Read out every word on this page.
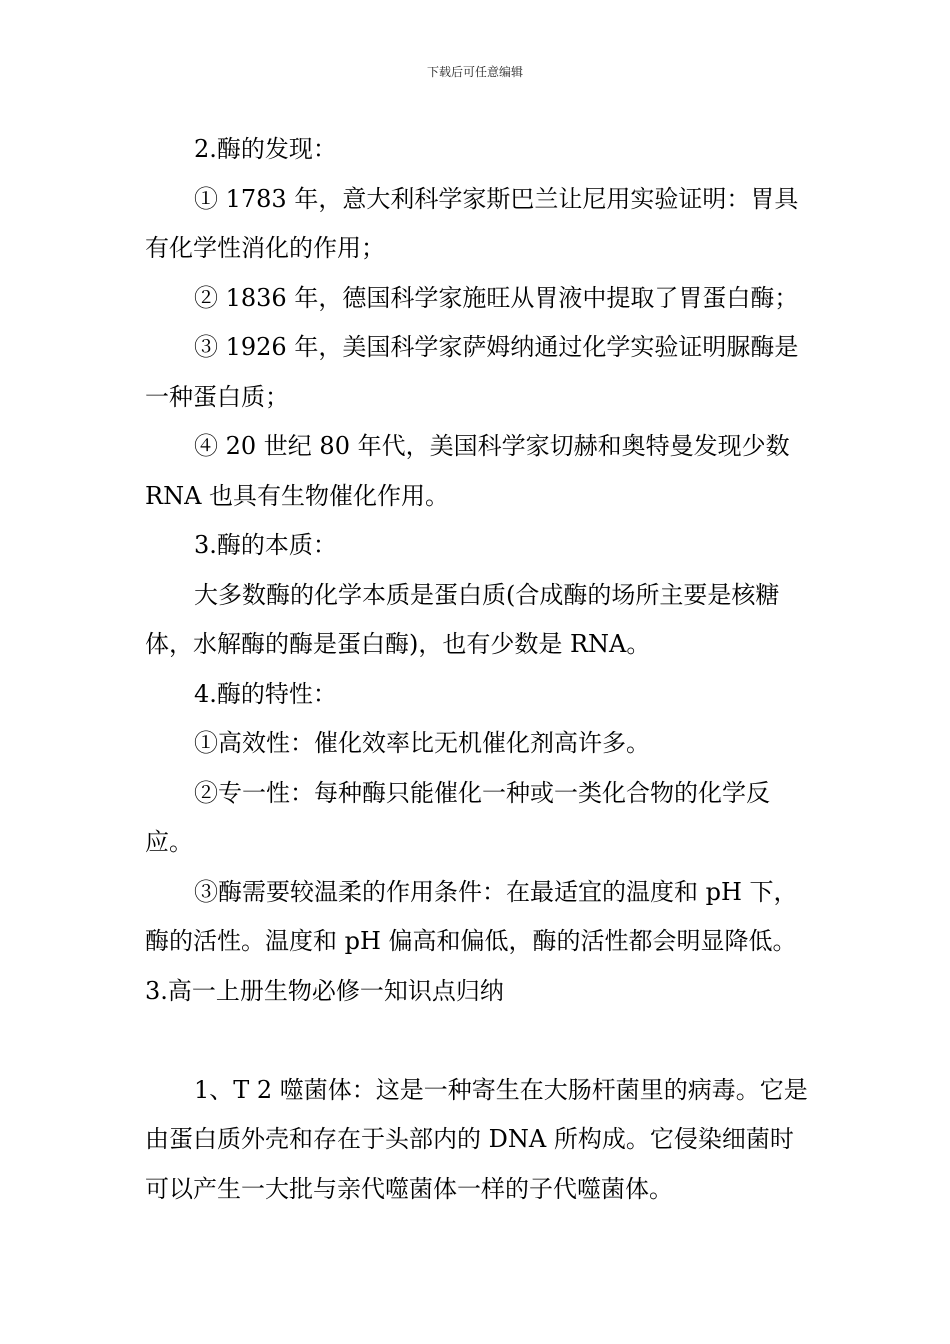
下载后可任意编辑

2.酶的发现：

① 1783 年，意大利科学家斯巴兰让尼用实验证明：胃具有化学性消化的作用；

② 1836 年，德国科学家施旺从胃液中提取了胃蛋白酶；

③ 1926 年，美国科学家萨姆纳通过化学实验证明脲酶是一种蛋白质；

④ 20 世纪 80 年代，美国科学家切赫和奥特曼发现少数 RNA 也具有生物催化作用。

3.酶的本质：

大多数酶的化学本质是蛋白质(合成酶的场所主要是核糖体，水解酶的酶是蛋白酶)，也有少数是 RNA。

4.酶的特性：

①高效性：催化效率比无机催化剂高许多。

②专一性：每种酶只能催化一种或一类化合物的化学反应。

③酶需要较温柔的作用条件：在最适宜的温度和 pH 下，酶的活性。温度和 pH 偏高和偏低，酶的活性都会明显降低。

3.高一上册生物必修一知识点归纳

1、T 2 噬菌体：这是一种寄生在大肠杆菌里的病毒。它是由蛋白质外壳和存在于头部内的 DNA 所构成。它侵染细菌时可以产生一大批与亲代噬菌体一样的子代噬菌体。
